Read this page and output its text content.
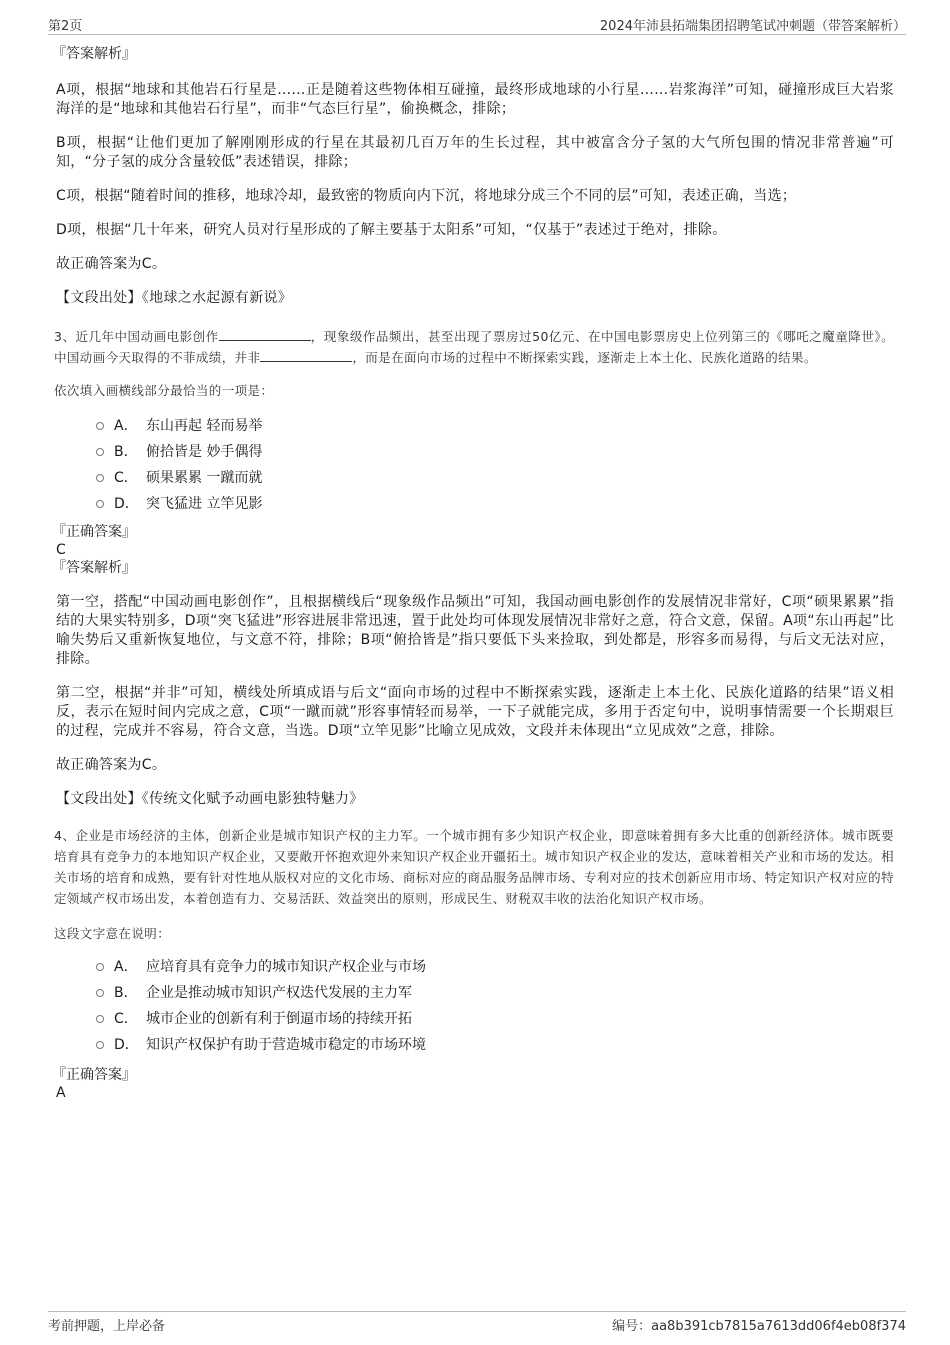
第2页	2024年沛县拓端集团招聘笔试冲刺题（带答案解析）

『答案解析』

A项，根据“地球和其他岩石行星是……正是随着这些物体相互碰撞，最终形成地球的小行星……岩浆海洋”可知，碰撞形成巨大岩浆海洋的是“地球和其他岩石行星”，而非“气态巨行星”，偷换概念，排除；

B项，根据“让他们更加了解刚刚形成的行星在其最初几百万年的生长过程，其中被富含分子氢的大气所包围的情况非常普遍”可知，“分子氢的成分含量较低”表述错误，排除；

C项，根据“随着时间的推移，地球冷却，最致密的物质向内下沉，将地球分成三个不同的层”可知，表述正确，当选；

D项，根据“几十年来，研究人员对行星形成的了解主要基于太阳系”可知，“仅基于”表述过于绝对，排除。

故正确答案为C。

【文段出处】《地球之水起源有新说》

3、近几年中国动画电影创作	，现象级作品频出，甚至出现了票房过50亿元、在中国电影票房史上位列第三的《哪吒之魔童降世》。中国动画今天取得的不菲成绩，并非	，而是在面向市场的过程中不断探索实践，逐渐走上本土化、民族化道路的结果。

依次填入画横线部分最恰当的一项是：

A． 东山再起 轻而易举
B． 俯拾皆是 妙手偶得
C． 硕果累累 一蹴而就
D． 突飞猛进 立竿见影

『正确答案』

C

『答案解析』

第一空，搭配“中国动画电影创作”，且根据横线后“现象级作品频出”可知，我国动画电影创作的发展情况非常好，C项“硕果累累”指结的大果实特别多，D项“突飞猛进”形容进展非常迅速，置于此处均可体现发展情况非常好之意，符合文意，保留。A项“东山再起”比喻失势后又重新恢复地位，与文意不符，排除；B项“俯拾皆是”指只要低下头来捡取，到处都是，形容多而易得，与后文无法对应，排除。

第二空，根据“并非”可知，横线处所填成语与后文“面向市场的过程中不断探索实践，逐渐走上本土化、民族化道路的结果”语义相反，表示在短时间内完成之意，C项“一蹴而就”形容事情轻而易举，一下子就能完成，多用于否定句中，说明事情需要一个长期艰巨的过程，完成并不容易，符合文意，当选。D项“立竿见影”比喻立见成效，文段并未体现出“立见成效”之意，排除。

故正确答案为C。

【文段出处】《传统文化赋予动画电影独特魅力》

4、企业是市场经济的主体，创新企业是城市知识产权的主力军。一个城市拥有多少知识产权企业，即意味着拥有多大比重的创新经济体。城市既要培育具有竞争力的本地知识产权企业，又要敞开怀抱欢迎外来知识产权企业开疆拓土。城市知识产权企业的发达，意味着相关产业和市场的发达。相关市场的培育和成熟，要有针对性地从版权对应的文化市场、商标对应的商品服务品牌市场、专利对应的技术创新应用市场、特定知识产权对应的特定领域产权市场出发，本着创造有力、交易活跃、效益突出的原则，形成民生、财税双丰收的法治化知识产权市场。

这段文字意在说明：

A． 应培育具有竞争力的城市知识产权企业与市场
B． 企业是推动城市知识产权迭代发展的主力军
C． 城市企业的创新有利于倒逼市场的持续开拓
D． 知识产权保护有助于营造城市稳定的市场环境

『正确答案』

A

考前押题，上岸必备	编号：aa8b391cb7815a7613dd06f4eb08f374
